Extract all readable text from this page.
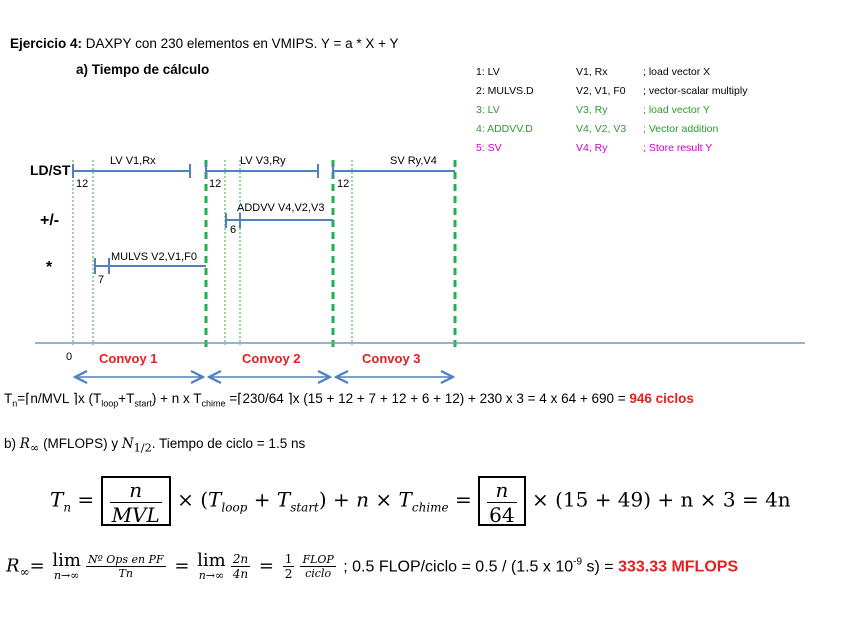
Ejercicio 4: DAXPY con 230 elementos en VMIPS. Y = a * X + Y
a) Tiempo de cálculo	1: LV	V1, Rx	; load vector X
2: MULVS.D	V2, V1, F0 ; vector-scalar multiply
3: LV	V3, Ry	; load vector Y
4: ADDVV.D	V4, V2, V3 ; Vector addition
5: SV	V4, Ry	; Store result Y
LD/ST
+/-
*
0
LV V1,Rx
12
LV V3,Ry
12
SV Ry,V4
12
ADDVV V4,V2,V3
6
MULVS V2,V1,F0
7
Convoy 1	Convoy 2	Convoy 3
$T_n=⌈n$/MVL ⌉x $(T_{loop}+T_{start}) + n$ x $T_{chime}$ =⌈230/64 ⌉x (15 + 12 + 7 + 12 + 6 + 12) + 230 x 3 = 4 x 64 + 690 = 946 ciclos
b) $R_\infty$ (MFLOPS) y $N_{1/2}$. Tiempo de ciclo = 1.5 ns
$T_n = \frac{n}{\text{MVL}} \times (T_{loop} + T_{start}) + n \times T_{chime} = \frac{n}{64} \times (15 + 49) + n \times 3 = 4n$
$R_\infty= \lim$
$n\to\infty \frac{\text{Nº Ops en PF}}{Tn} = \lim$
$n\to\infty \frac{2n}{4n} = \frac{1}{2} \frac{\text{FLOP}}{\text{ciclo}}$ ; 0.5 FLOP/ciclo = 0.5 / (1.5 x $10^{-9}$ s) = 333.33 MFLOPS
